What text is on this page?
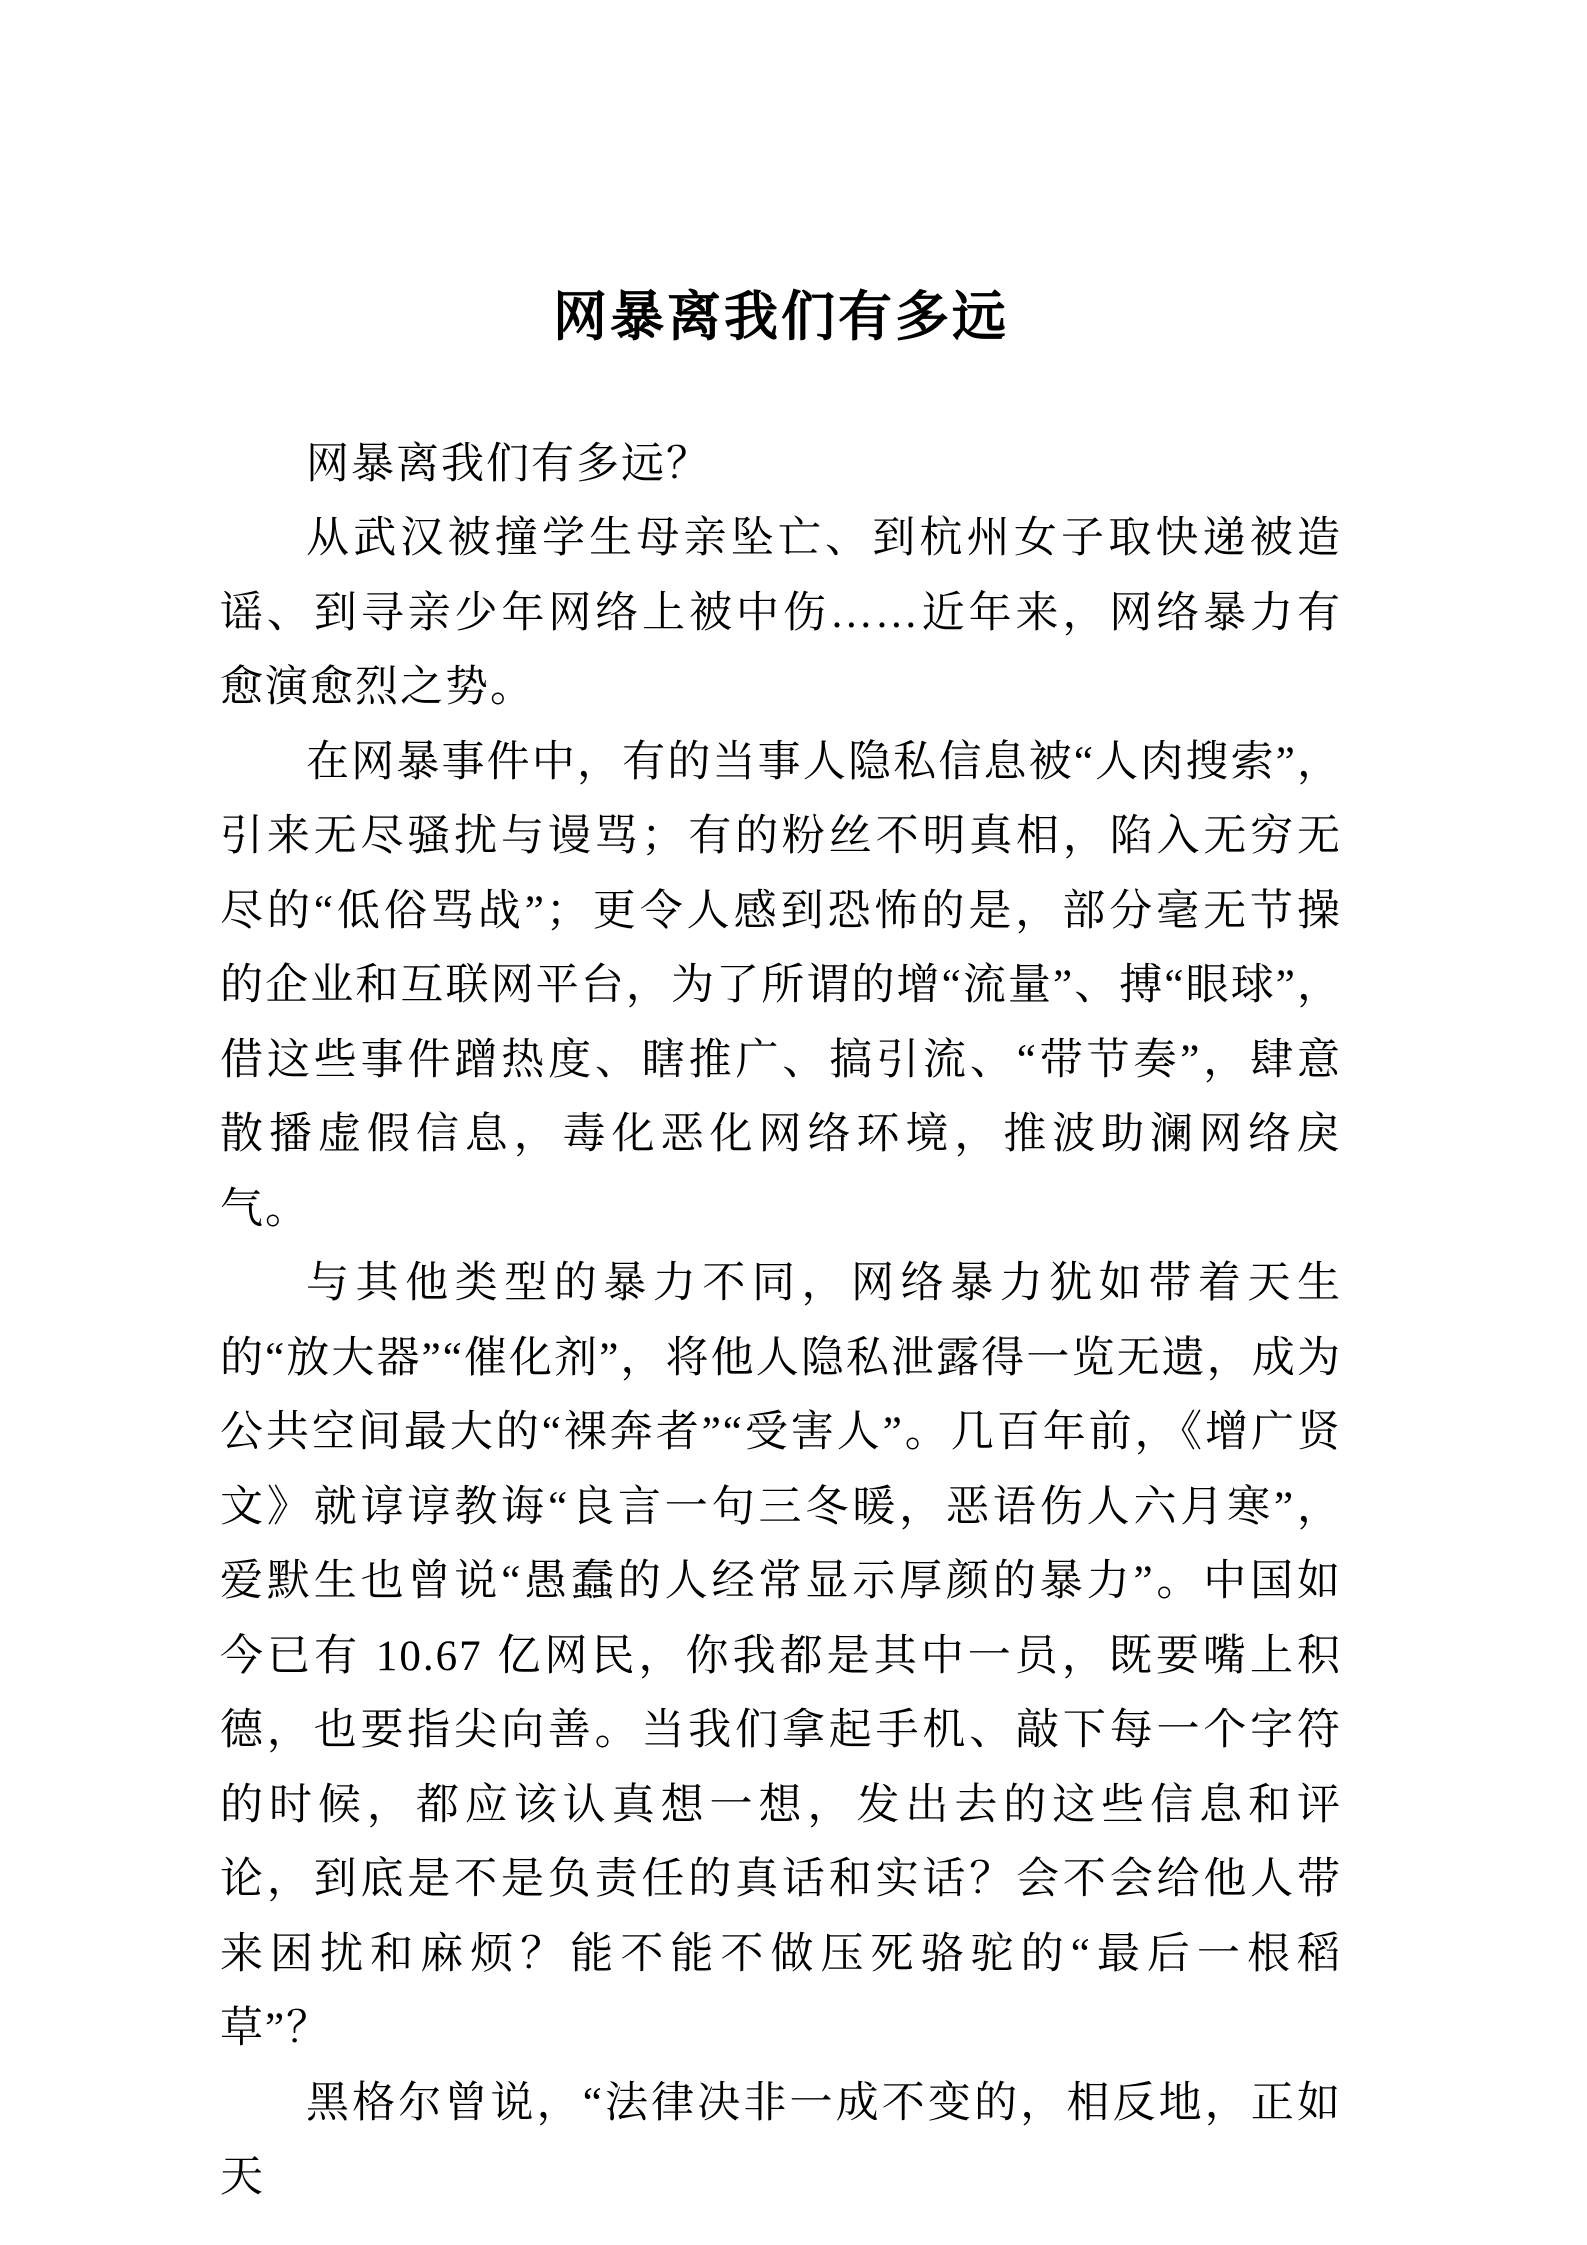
网暴离我们有多远

网暴离我们有多远？

从武汉被撞学生母亲坠亡、到杭州女子取快递被造谣、到寻亲少年网络上被中伤……近年来，网络暴力有愈演愈烈之势。

在网暴事件中，有的当事人隐私信息被“人肉搜索”，引来无尽骚扰与谩骂；有的粉丝不明真相，陷入无穷无尽的“低俗骂战”；更令人感到恐怖的是，部分毫无节操的企业和互联网平台，为了所谓的增“流量”、搏“眼球”，借这些事件蹭热度、瞎推广、搞引流、“带节奏”，肆意散播虚假信息，毒化恶化网络环境，推波助澜网络戾气。

与其他类型的暴力不同，网络暴力犹如带着天生的“放大器”“催化剂”，将他人隐私泄露得一览无遗，成为公共空间最大的“裸奔者”“受害人”。几百年前，《增广贤文》就谆谆教诲“良言一句三冬暖，恶语伤人六月寒”，爱默生也曾说“愚蠢的人经常显示厚颜的暴力”。中国如今已有 10.67 亿网民，你我都是其中一员，既要嘴上积德，也要指尖向善。当我们拿起手机、敲下每一个字符的时候，都应该认真想一想，发出去的这些信息和评论，到底是不是负责任的真话和实话？会不会给他人带来困扰和麻烦？能不能不做压死骆驼的“最后一根稻草”？

黑格尔曾说，“法律决非一成不变的，相反地，正如天
